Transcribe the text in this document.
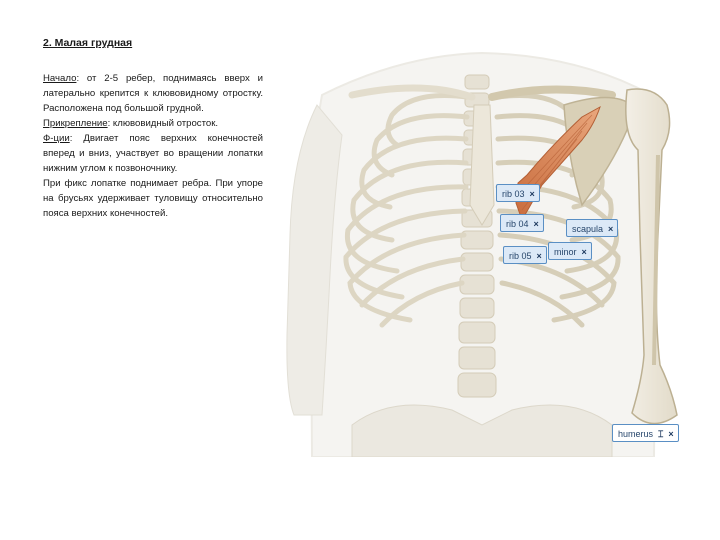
2. Малая грудная
Начало: от 2-5 ребер, поднимаясь вверх и латерально крепится к клювовидному отростку. Расположена под большой грудной.
Прикрепление: клювовидный отросток.
Ф-ции: Двигает пояс верхних конечностей вперед и вниз, участвует во вращении лопатки нижним углом к позвоночнику.
При фикс лопатке поднимает ребра. При упоре на брусьях удерживает туловищу относительно пояса верхних конечностей.
rib 03 ×
rib 04 ×	scapula ×
minor ×
rib 05 ×
humerus ⌶ ×
